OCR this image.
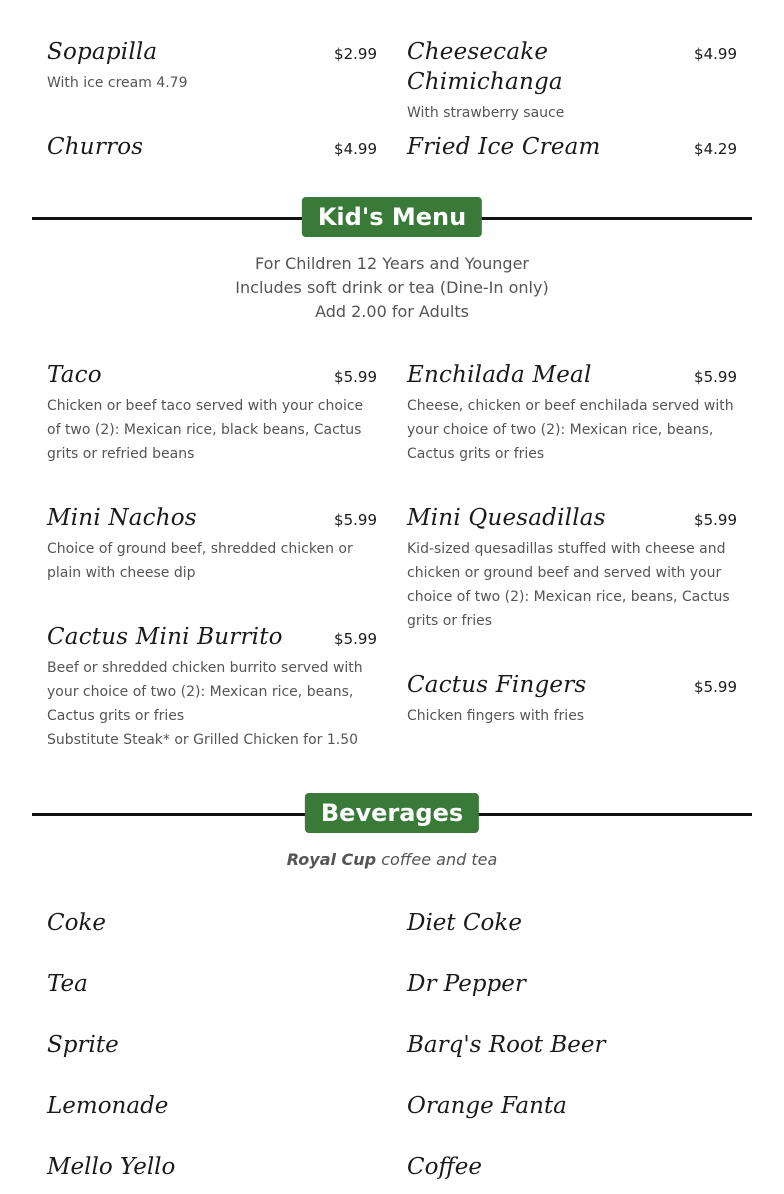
Sopapilla	$2.99
With ice cream 4.79
Churros	$4.99
Cheesecake Chimichanga
$4.99
With strawberry sauce
Fried Ice Cream	$4.29
Kid's Menu
For Children 12 Years and Younger
Includes soft drink or tea (Dine-In only)
Add 2.00 for Adults
Taco	$5.99
Chicken or beef taco served with your choice of two (2): Mexican rice, black beans, Cactus grits or refried beans
Mini Nachos	$5.99
Choice of ground beef, shredded chicken or plain with cheese dip
Cactus Mini Burrito	$5.99
Beef or shredded chicken burrito served with your choice of two (2): Mexican rice, beans, Cactus grits or fries
Substitute Steak* or Grilled Chicken for 1.50
Enchilada Meal	$5.99
Cheese, chicken or beef enchilada served with your choice of two (2): Mexican rice, beans, Cactus grits or fries
Mini Quesadillas	$5.99
Kid-sized quesadillas stuffed with cheese and chicken or ground beef and served with your choice of two (2): Mexican rice, beans, Cactus grits or fries
Cactus Fingers	$5.99
Chicken fingers with fries
Beverages
Royal Cup coffee and tea
Coke
Tea
Sprite
Lemonade
Mello Yello
Diet Coke
Dr Pepper
Barq's Root Beer
Orange Fanta
Coffee
